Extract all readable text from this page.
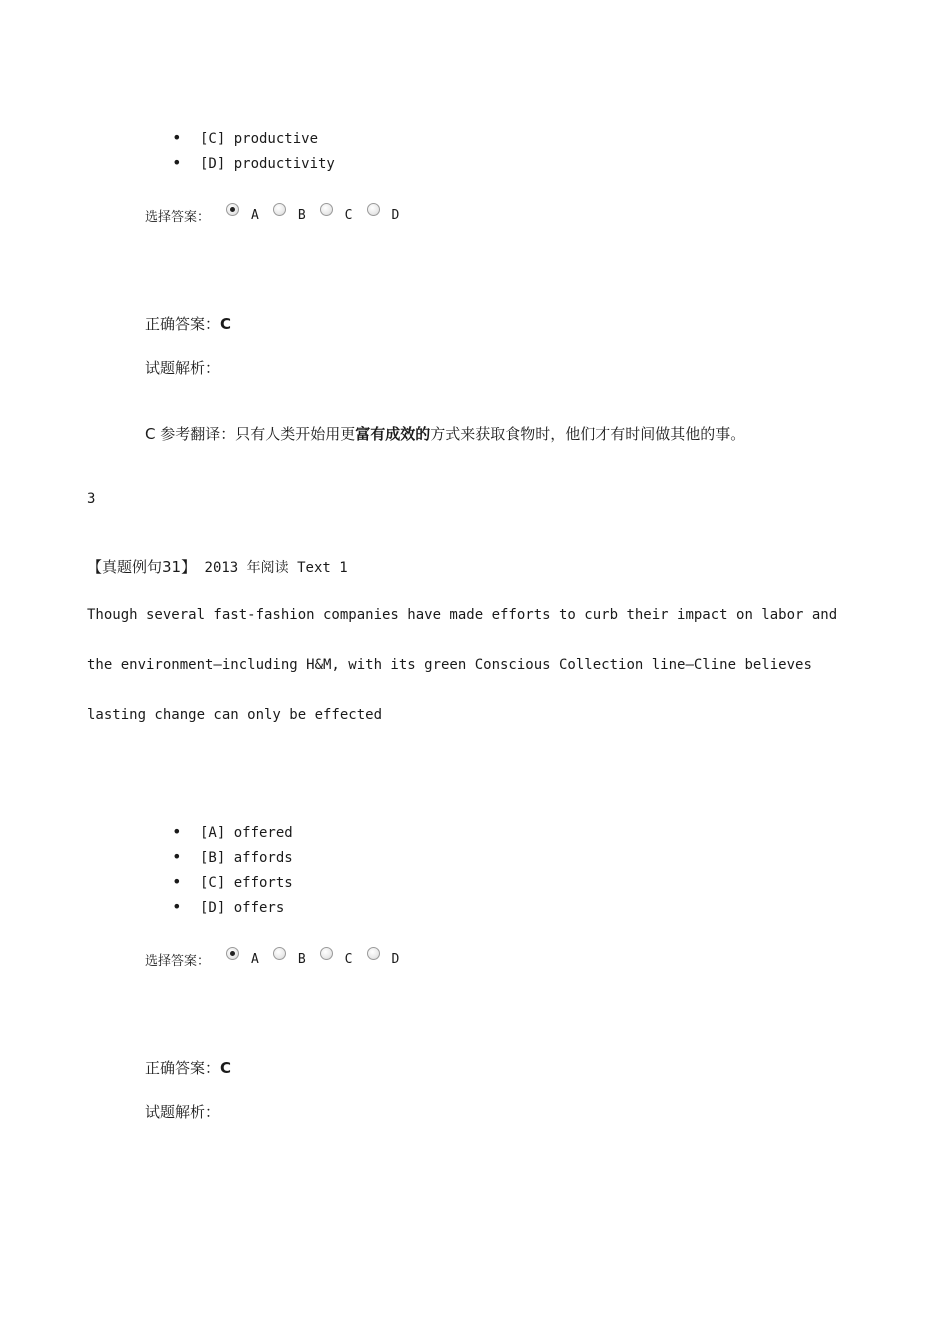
• [C] productive
• [D] productivity
选择答案：	A	B	C	D
正确答案：C
试题解析：
C 参考翻译：只有人类开始用更富有成效的方式来获取食物时，他们才有时间做其他的事。
3
【真题例句31】 2013 年阅读 Text 1
Though several fast-fashion companies have made efforts to curb their impact on labor and
the environment—including H&M, with its green Conscious Collection line—Cline believes
lasting change can only be effected
• [A] offered
• [B] affords
• [C] efforts
• [D] offers
选择答案：	A	B	C	D
正确答案：C
试题解析：
